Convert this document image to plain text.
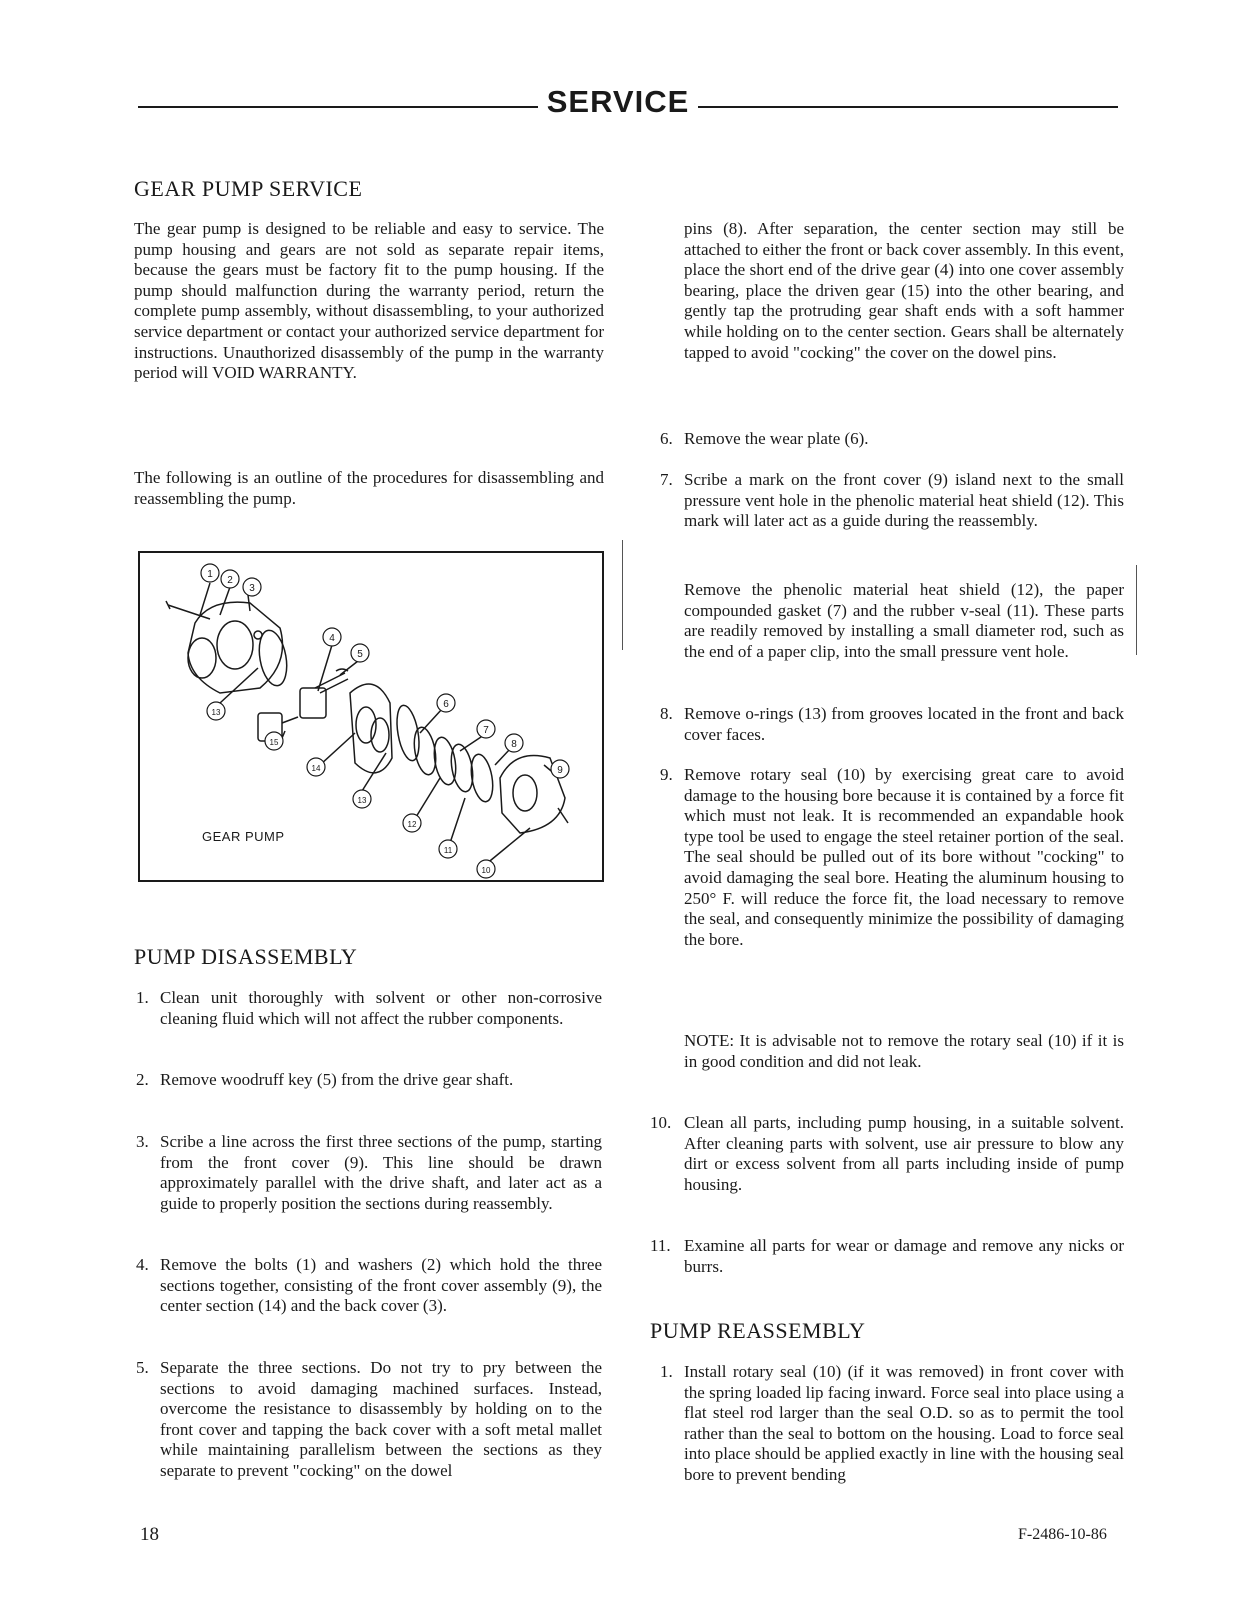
SERVICE
GEAR PUMP SERVICE

The gear pump is designed to be reliable and easy to service. The pump housing and gears are not sold as separate repair items, because the gears must be factory fit to the pump housing. If the pump should malfunction during the warranty period, return the complete pump assembly, without disassembling, to your authorized service department or contact your authorized service department for instructions. Unauthorized disassembly of the pump in the warranty period will VOID WARRANTY.

The following is an outline of the procedures for disassembling and reassembling the pump.

1
2
3
4
5
13
15
14
13
6
7
8
9
12
11
10
GEAR PUMP
PUMP DISASSEMBLY
1. Clean unit thoroughly with solvent or other non-corrosive cleaning fluid which will not affect the rubber components.
2. Remove woodruff key (5) from the drive gear shaft.
3. Scribe a line across the first three sections of the pump, starting from the front cover (9). This line should be drawn approximately parallel with the drive shaft, and later act as a guide to properly position the sections during reassembly.
4. Remove the bolts (1) and washers (2) which hold the three sections together, consisting of the front cover assembly (9), the center section (14) and the back cover (3).
5. Separate the three sections. Do not try to pry between the sections to avoid damaging machined surfaces. Instead, overcome the resistance to disassembly by holding on to the front cover and tapping the back cover with a soft metal mallet while maintaining parallelism between the sections as they separate to prevent "cocking" on the dowel

pins (8). After separation, the center section may still be attached to either the front or back cover assembly. In this event, place the short end of the drive gear (4) into one cover assembly bearing, place the driven gear (15) into the other bearing, and gently tap the protruding gear shaft ends with a soft hammer while holding on to the center section. Gears shall be alternately tapped to avoid "cocking" the cover on the dowel pins.

6. Remove the wear plate (6).
7. Scribe a mark on the front cover (9) island next to the small pressure vent hole in the phenolic material heat shield (12). This mark will later act as a guide during the reassembly.

Remove the phenolic material heat shield (12), the paper compounded gasket (7) and the rubber v-seal (11). These parts are readily removed by installing a small diameter rod, such as the end of a paper clip, into the small pressure vent hole.

8. Remove o-rings (13) from grooves located in the front and back cover faces.
9. Remove rotary seal (10) by exercising great care to avoid damage to the housing bore because it is contained by a force fit which must not leak. It is recommended an expandable hook type tool be used to engage the steel retainer portion of the seal. The seal should be pulled out of its bore without "cocking" to avoid damaging the seal bore. Heating the aluminum housing to 250° F. will reduce the force fit, the load necessary to remove the seal, and consequently minimize the possibility of damaging the bore.

NOTE: It is advisable not to remove the rotary seal (10) if it is in good condition and did not leak.

10. Clean all parts, including pump housing, in a suitable solvent. After cleaning parts with solvent, use air pressure to blow any dirt or excess solvent from all parts including inside of pump housing.
11. Examine all parts for wear or damage and remove any nicks or burrs.
PUMP REASSEMBLY
1. Install rotary seal (10) (if it was removed) in front cover with the spring loaded lip facing inward. Force seal into place using a flat steel rod larger than the seal O.D. so as to permit the tool rather than the seal to bottom on the housing. Load to force seal into place should be applied exactly in line with the housing seal bore to prevent bending
18	F-2486-10-86
